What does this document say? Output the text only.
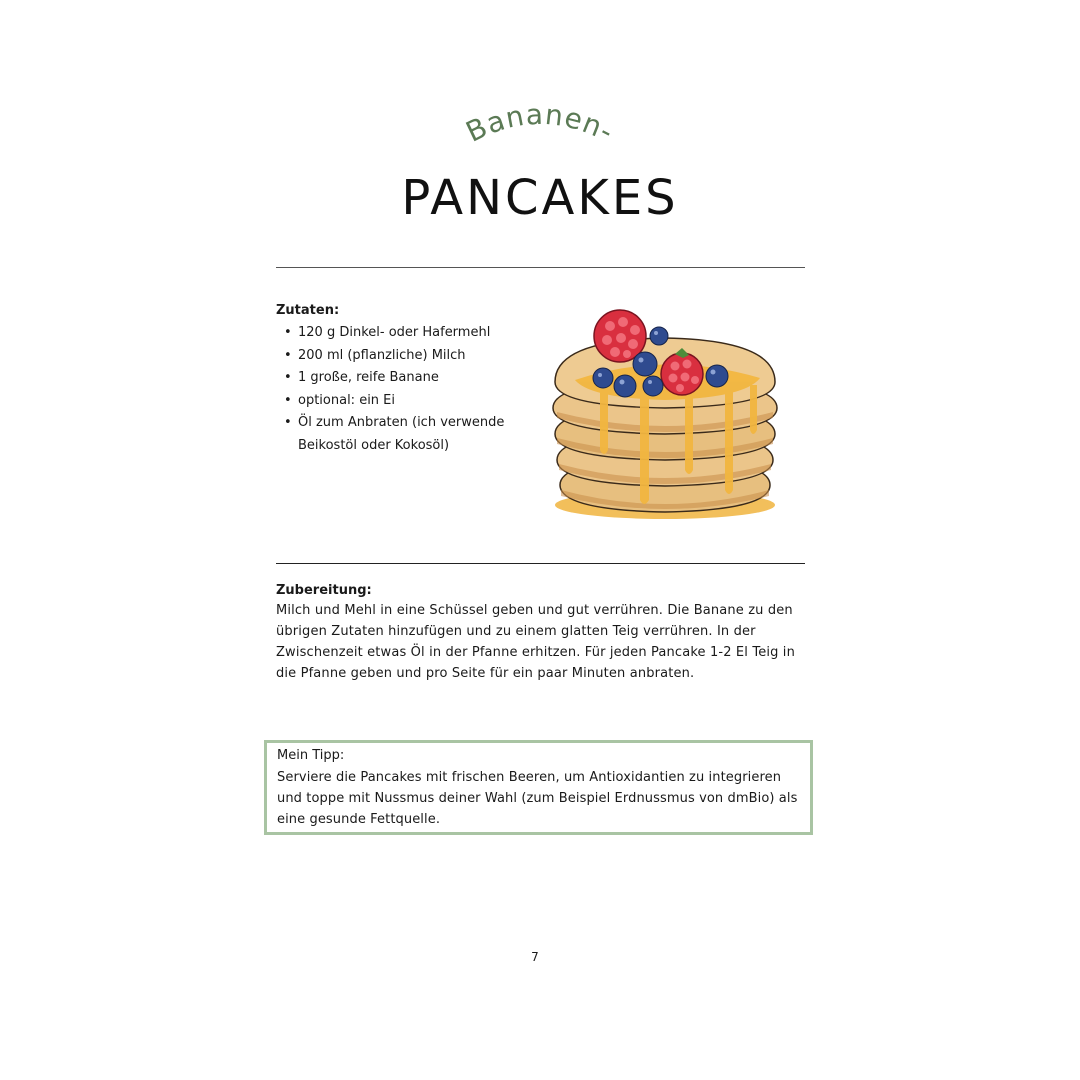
Bananen-
PANCAKES
Zutaten:
• 120 g Dinkel- oder Hafermehl
• 200 ml (pflanzliche) Milch
• 1 große, reife Banane
• optional: ein Ei
• Öl zum Anbraten (ich verwende Beikostöl oder Kokosöl)
Zubereitung:

Milch und Mehl in eine Schüssel geben und gut verrühren. Die Banane zu den übrigen Zutaten hinzufügen und zu einem glatten Teig verrühren. In der Zwischenzeit etwas Öl in der Pfanne erhitzen. Für jeden Pancake 1-2 El Teig in die Pfanne geben und pro Seite für ein paar Minuten anbraten.

Mein Tipp:

Serviere die Pancakes mit frischen Beeren, um Antioxidantien zu integrieren und toppe mit Nussmus deiner Wahl (zum Beispiel Erdnussmus von dmBio) als eine gesunde Fettquelle.

7
